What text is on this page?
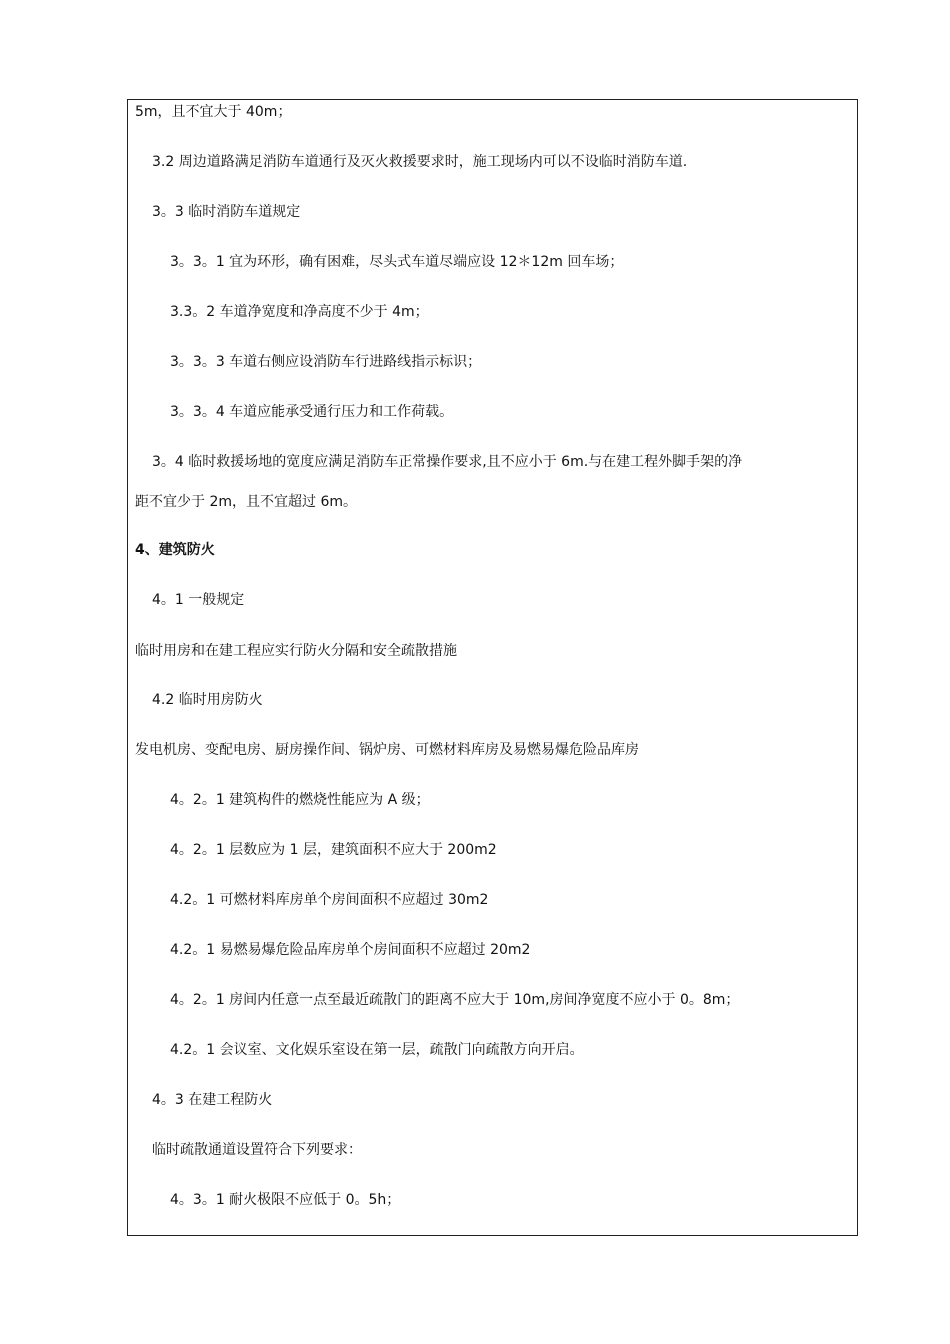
5m，且不宜大于 40m；
3.2 周边道路满足消防车道通行及灭火救援要求时，施工现场内可以不设临时消防车道.
3。3 临时消防车道规定
3。3。1 宜为环形，确有困难，尽头式车道尽端应设 12＊12m 回车场；
3.3。2 车道净宽度和净高度不少于 4m；
3。3。3 车道右侧应设消防车行进路线指示标识；
3。3。4 车道应能承受通行压力和工作荷载。
3。4 临时救援场地的宽度应满足消防车正常操作要求,且不应小于 6m.与在建工程外脚手架的净
距不宜少于 2m，且不宜超过 6m。
4、建筑防火
4。1 一般规定
临时用房和在建工程应实行防火分隔和安全疏散措施
4.2 临时用房防火
发电机房、变配电房、厨房操作间、锅炉房、可燃材料库房及易燃易爆危险品库房
4。2。1 建筑构件的燃烧性能应为 A 级；
4。2。1 层数应为 1 层，建筑面积不应大于 200m2
4.2。1 可燃材料库房单个房间面积不应超过 30m2
4.2。1 易燃易爆危险品库房单个房间面积不应超过 20m2
4。2。1 房间内任意一点至最近疏散门的距离不应大于 10m,房间净宽度不应小于 0。8m；
4.2。1 会议室、文化娱乐室设在第一层，疏散门向疏散方向开启。
4。3 在建工程防火
临时疏散通道设置符合下列要求：
4。3。1 耐火极限不应低于 0。5h；
